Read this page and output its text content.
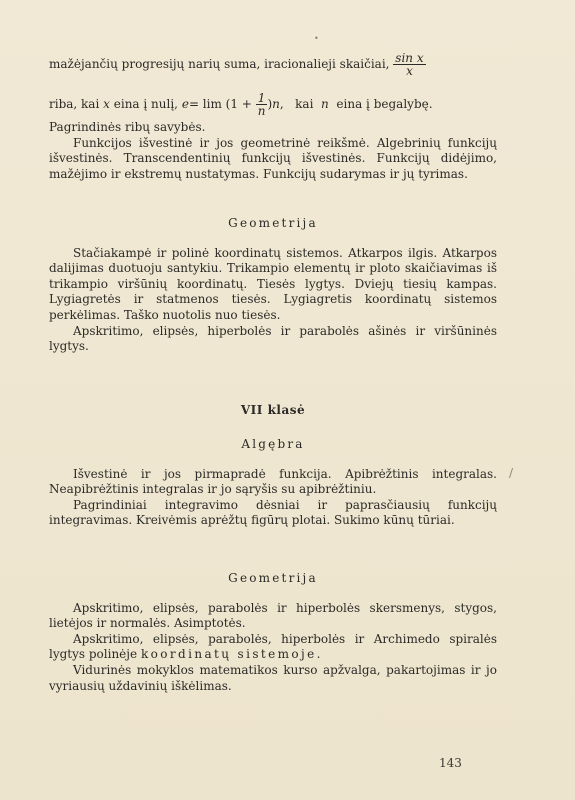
•
/

mažėjančių progresijų narių suma, iracionalieji skaičiai, $\frac{\text{sin x}}{x}$

riba, kai x eina į nulį, $e= \lim (1 + \frac{1}{n} )n$, kai n eina į begalybę.

Pagrindinės ribų savybės.

Funkcijos išvestinė ir jos geometrinė reikšmė. Algebrinių funkcijų išvestinės. Transcendentinių funkcijų išvestinės. Funkcijų didėjimo, mažėjimo ir ekstremų nustatymas. Funkcijų sudarymas ir jų tyrimas.

Geometrija

Stačiakampė ir polinė koordinatų sistemos. Atkarpos ilgis. Atkarpos dalijimas duotuoju santykiu. Trikampio elementų ir ploto skaičiavimas iš trikampio viršūnių koordinatų. Tiesės lygtys. Dviejų tiesių kampas. Lygiagretės ir statmenos tiesės. Lygiagretis koordinatų sistemos perkėlimas. Taško nuotolis nuo tiesės.

Apskritimo, elipsės, hiperbolės ir parabolės ašinės ir viršūninės lygtys.

VII klasė

Algębra

Išvestinė ir jos pirmapradė funkcija. Apibrėžtinis integralas. Neapibrėžtinis integralas ir jo sąryšis su apibrėžtiniu.

Pagrindiniai integravimo dėsniai ir paprasčiausių funkcijų integravimas. Kreivėmis aprėžtų figūrų plotai. Sukimo kūnų tūriai.

Geometrija

Apskritimo, elipsės, parabolės ir hiperbolės skersmenys, stygos, lietėjos ir normalės. Asimptotės.

Apskritimo, elipsės, parabolės, hiperbolės ir Archimedo spiralės lygtys polinėje koordinatų sistemoje.

Vidurinės mokyklos matematikos kurso apžvalga, pakartojimas ir jo vyriausių uždavinių iškėlimas.

143
